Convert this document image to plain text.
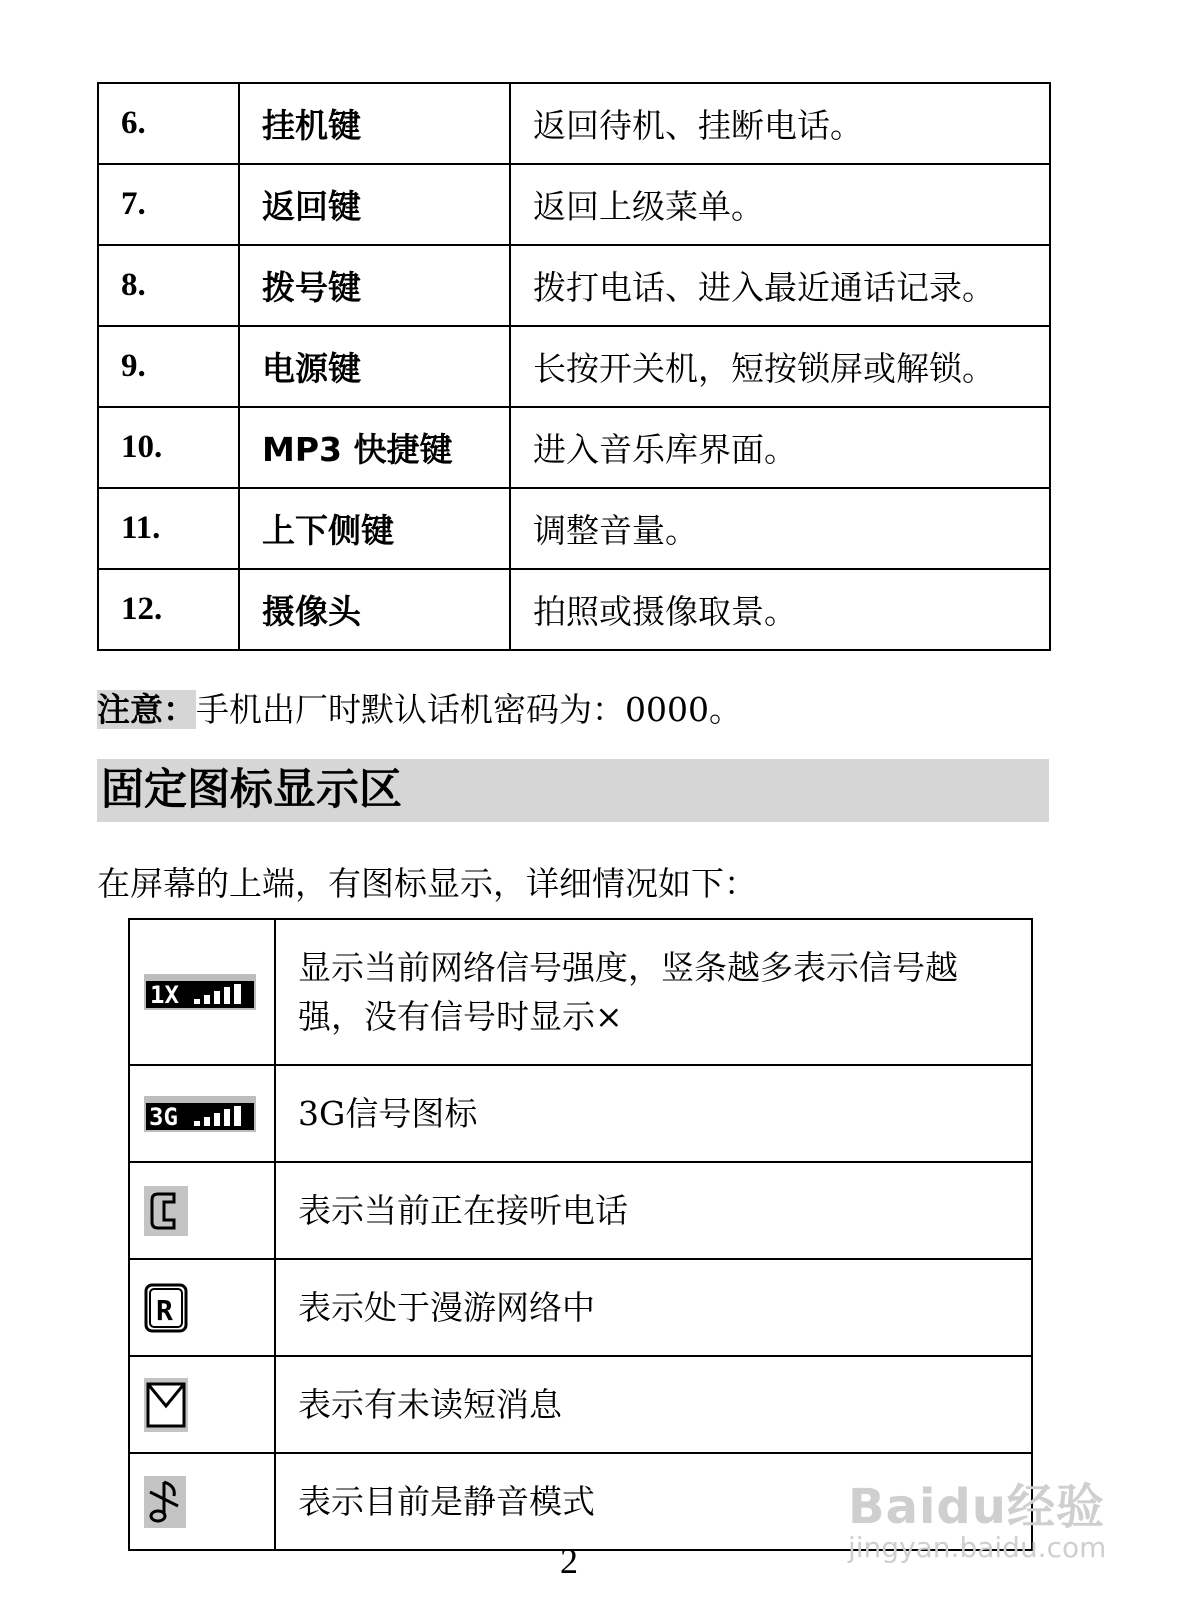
6.	挂机键	返回待机、挂断电话。
7.	返回键	返回上级菜单。
8.	拨号键	拨打电话、进入最近通话记录。
9.	电源键	长按开关机，短按锁屏或解锁。
10.	MP3 快捷键	进入音乐库界面。
11.	上下侧键	调整音量。
12.	摄像头	拍照或摄像取景。
注意：手机出厂时默认话机密码为：0000。
固定图标显示区
在屏幕的上端，有图标显示，详细情况如下：
1X	显示当前网络信号强度，竖条越多表示信号越强，没有信号时显示×

3G	3G信号图标

	表示当前正在接听电话

R	表示处于漫游网络中

	表示有未读短消息

	表示目前是静音模式
2
Baidu经验
jingyan.baidu.com
